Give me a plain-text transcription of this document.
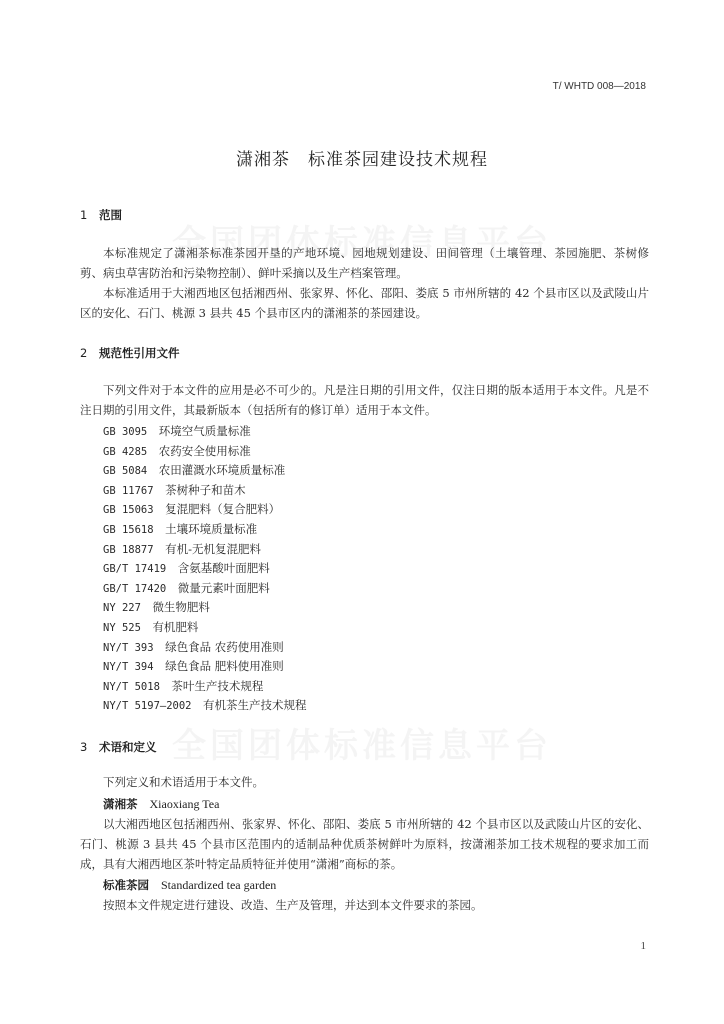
T/ WHTD 008—2018
潇湘茶　标准茶园建设技术规程
1 范围
本标准规定了潇湘茶标准茶园开垦的产地环境、园地规划建设、田间管理（土壤管理、茶园施肥、茶树修剪、病虫草害防治和污染物控制）、鲜叶采摘以及生产档案管理。
本标准适用于大湘西地区包括湘西州、张家界、怀化、邵阳、娄底 5 市州所辖的 42 个县市区以及武陵山片区的安化、石门、桃源 3 县共 45 个县市区内的潇湘茶的茶园建设。
2 规范性引用文件
下列文件对于本文件的应用是必不可少的。凡是注日期的引用文件，仅注日期的版本适用于本文件。凡是不注日期的引用文件，其最新版本（包括所有的修订单）适用于本文件。
GB 3095　 环境空气质量标准
GB 4285　 农药安全使用标准
GB 5084　 农田灌溉水环境质量标准
GB 11767　 茶树种子和苗木
GB 15063　 复混肥料（复合肥料）
GB 15618　 土壤环境质量标准
GB 18877　 有机-无机复混肥料
GB/T 17419　 含氨基酸叶面肥料
GB/T 17420　 微量元素叶面肥料
NY 227　 微生物肥料
NY 525　 有机肥料
NY/T 393　 绿色食品 农药使用准则
NY/T 394　 绿色食品 肥料使用准则
NY/T 5018　 茶叶生产技术规程
NY/T 5197—2002　 有机茶生产技术规程
3 术语和定义
下列定义和术语适用于本文件。
潇湘茶 Xiaoxiang Tea
以大湘西地区包括湘西州、张家界、怀化、邵阳、娄底 5 市州所辖的 42 个县市区以及武陵山片区的安化、石门、桃源 3 县共 45 个县市区范围内的适制品种优质茶树鲜叶为原料，按潇湘茶加工技术规程的要求加工而成，具有大湘西地区茶叶特定品质特征并使用“潇湘”商标的茶。
标准茶园 Standardized tea garden
按照本文件规定进行建设、改造、生产及管理，并达到本文件要求的茶园。
1
